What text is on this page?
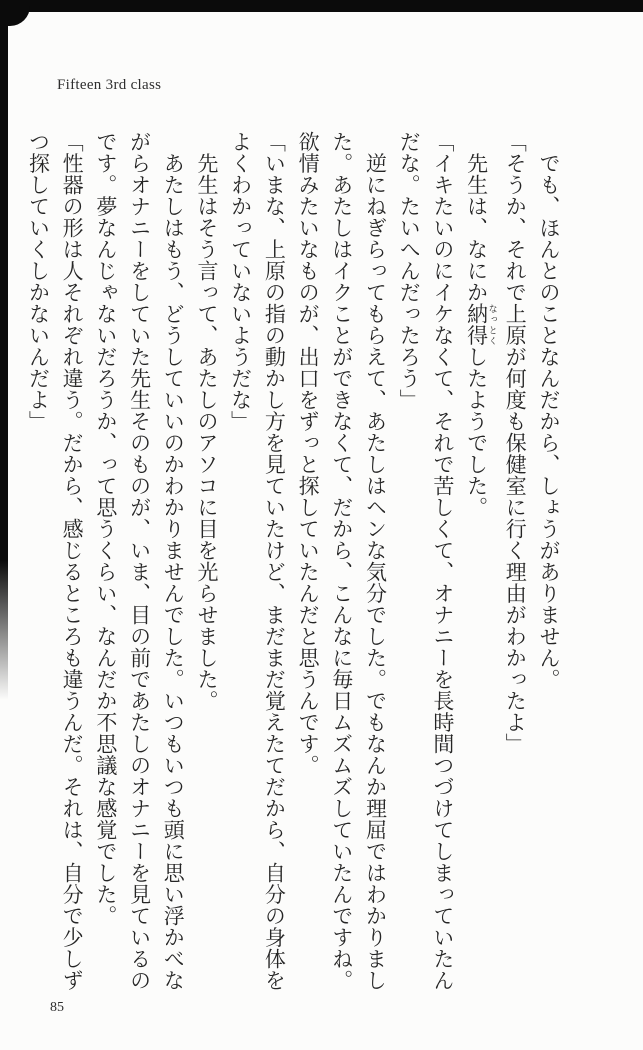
Fifteen 3rd class

　でも、ほんとのことなんだから、しょうがありません。

「そうか、それで上原が何度も保健室に行く理由がわかったよ」

　先生は、なにか納得 なっとくしたようでした。

「イキたいのにイケなくて、それで苦しくて、オナニーを長時間つづけてしまっていたん

だな。たいへんだったろう」

　逆にねぎらってもらえて、あたしはヘンな気分でした。でもなんか理屈ではわかりまし

た。あたしはイクことができなくて、だから、こんなに毎日ムズムズしていたんですね。

欲情みたいなものが、出口をずっと探していたんだと思うんです。

「いまな、上原の指の動かし方を見ていたけど、まだまだ覚えたてだから、自分の身体を

よくわかっていないようだな」

　先生はそう言って、あたしのアソコに目を光らせました。

　あたしはもう、どうしていいのかわかりませんでした。いつもいつも頭に思い浮かべな

がらオナニーをしていた先生そのものが、いま、目の前であたしのオナニーを見ているの

です。夢なんじゃないだろうか、って思うくらい、なんだか不思議な感覚でした。

「性器の形は人それぞれ違う。だから、感じるところも違うんだ。それは、自分で少しず

つ探していくしかないんだよ」

85
